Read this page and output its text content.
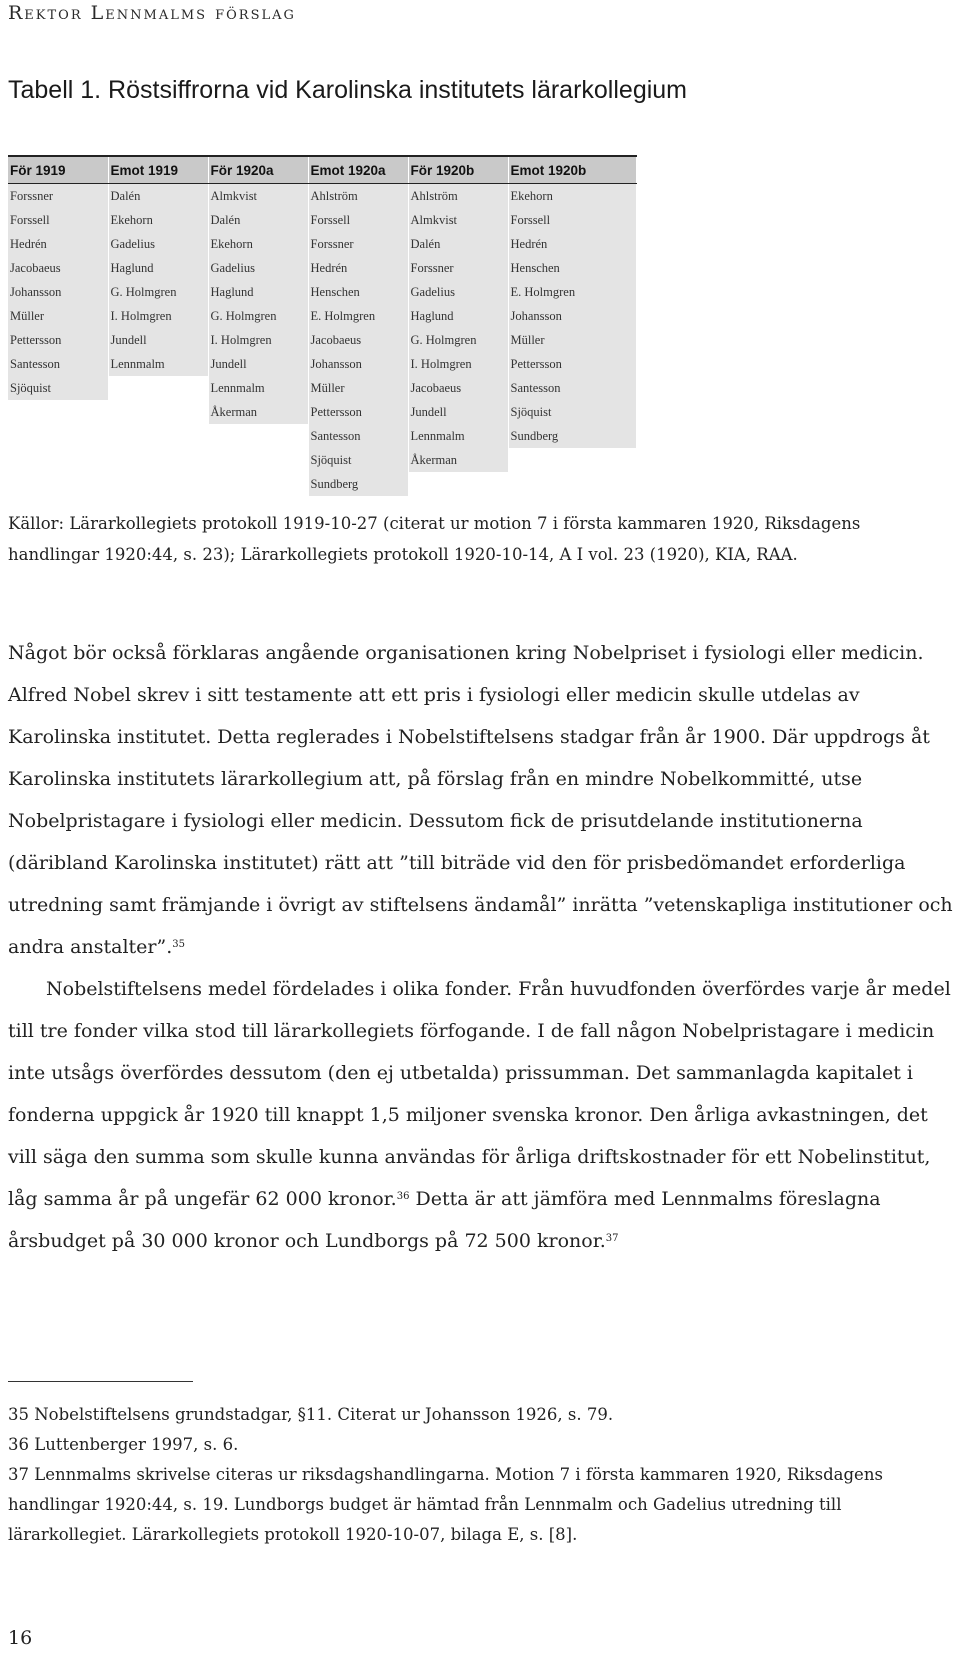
Rektor Lennmalms förslag
Tabell 1. Röstsiffrorna vid Karolinska institutets lärarkollegium
För 1919	Emot 1919	För 1920a	Emot 1920a	För 1920b	Emot 1920b
Forssner	Dalén	Almkvist	Ahlström	Ahlström	Ekehorn
Forssell	Ekehorn	Dalén	Forssell	Almkvist	Forssell
Hedrén	Gadelius	Ekehorn	Forssner	Dalén	Hedrén
Jacobaeus	Haglund	Gadelius	Hedrén	Forssner	Henschen
Johansson	G. Holmgren	Haglund	Henschen	Gadelius	E. Holmgren
Müller	I. Holmgren	G. Holmgren	E. Holmgren	Haglund	Johansson
Pettersson	Jundell	I. Holmgren	Jacobaeus	G. Holmgren	Müller
Santesson	Lennmalm	Jundell	Johansson	I. Holmgren	Pettersson
Sjöquist		Lennmalm	Müller	Jacobaeus	Santesson
		Åkerman	Pettersson	Jundell	Sjöquist
			Santesson	Lennmalm	Sundberg
			Sjöquist	Åkerman	
			Sundberg		
Källor: Lärarkollegiets protokoll 1919-10-27 (citerat ur motion 7 i första kammaren 1920, Riksdagens handlingar 1920:44, s. 23); Lärarkollegiets protokoll 1920-10-14, A I vol. 23 (1920), KIA, RAA.

Något bör också förklaras angående organisationen kring Nobelpriset i fysiologi eller medicin. Alfred Nobel skrev i sitt testamente att ett pris i fysiologi eller medicin skulle utdelas av Karolinska institutet. Detta reglerades i Nobelstiftelsens stadgar från år 1900. Där uppdrogs åt Karolinska institutets lärarkollegium att, på förslag från en mindre Nobelkommitté, utse Nobelpristagare i fysiologi eller medicin. Dessutom fick de prisutdelande institutionerna (däribland Karolinska institutet) rätt att ”till biträde vid den för prisbedömandet erforderliga utredning samt främjande i övrigt av stiftelsens ändamål” inrätta ”vetenskapliga institutioner och andra anstalter”.$^{35}$

Nobelstiftelsens medel fördelades i olika fonder. Från huvudfonden överfördes varje år medel till tre fonder vilka stod till lärarkollegiets förfogande. I de fall någon Nobelpristagare i medicin inte utsågs överfördes dessutom (den ej utbetalda) prissumman. Det sammanlagda kapitalet i fonderna uppgick år 1920 till knappt 1,5 miljoner svenska kronor. Den årliga avkastningen, det vill säga den summa som skulle kunna användas för årliga driftskostnader för ett Nobelinstitut, låg samma år på ungefär 62 000 kronor.$^{36}$ Detta är att jämföra med Lennmalms föreslagna årsbudget på 30 000 kronor och Lundborgs på 72 500 kronor.$^{37}$

35 Nobelstiftelsens grundstadgar, §11. Citerat ur Johansson 1926, s. 79.
36 Luttenberger 1997, s. 6.
37 Lennmalms skrivelse citeras ur riksdagshandlingarna. Motion 7 i första kammaren 1920, Riksdagens handlingar 1920:44, s. 19. Lundborgs budget är hämtad från Lennmalm och Gadelius utredning till lärarkollegiet. Lärarkollegiets protokoll 1920-10-07, bilaga E, s. [8].
16
